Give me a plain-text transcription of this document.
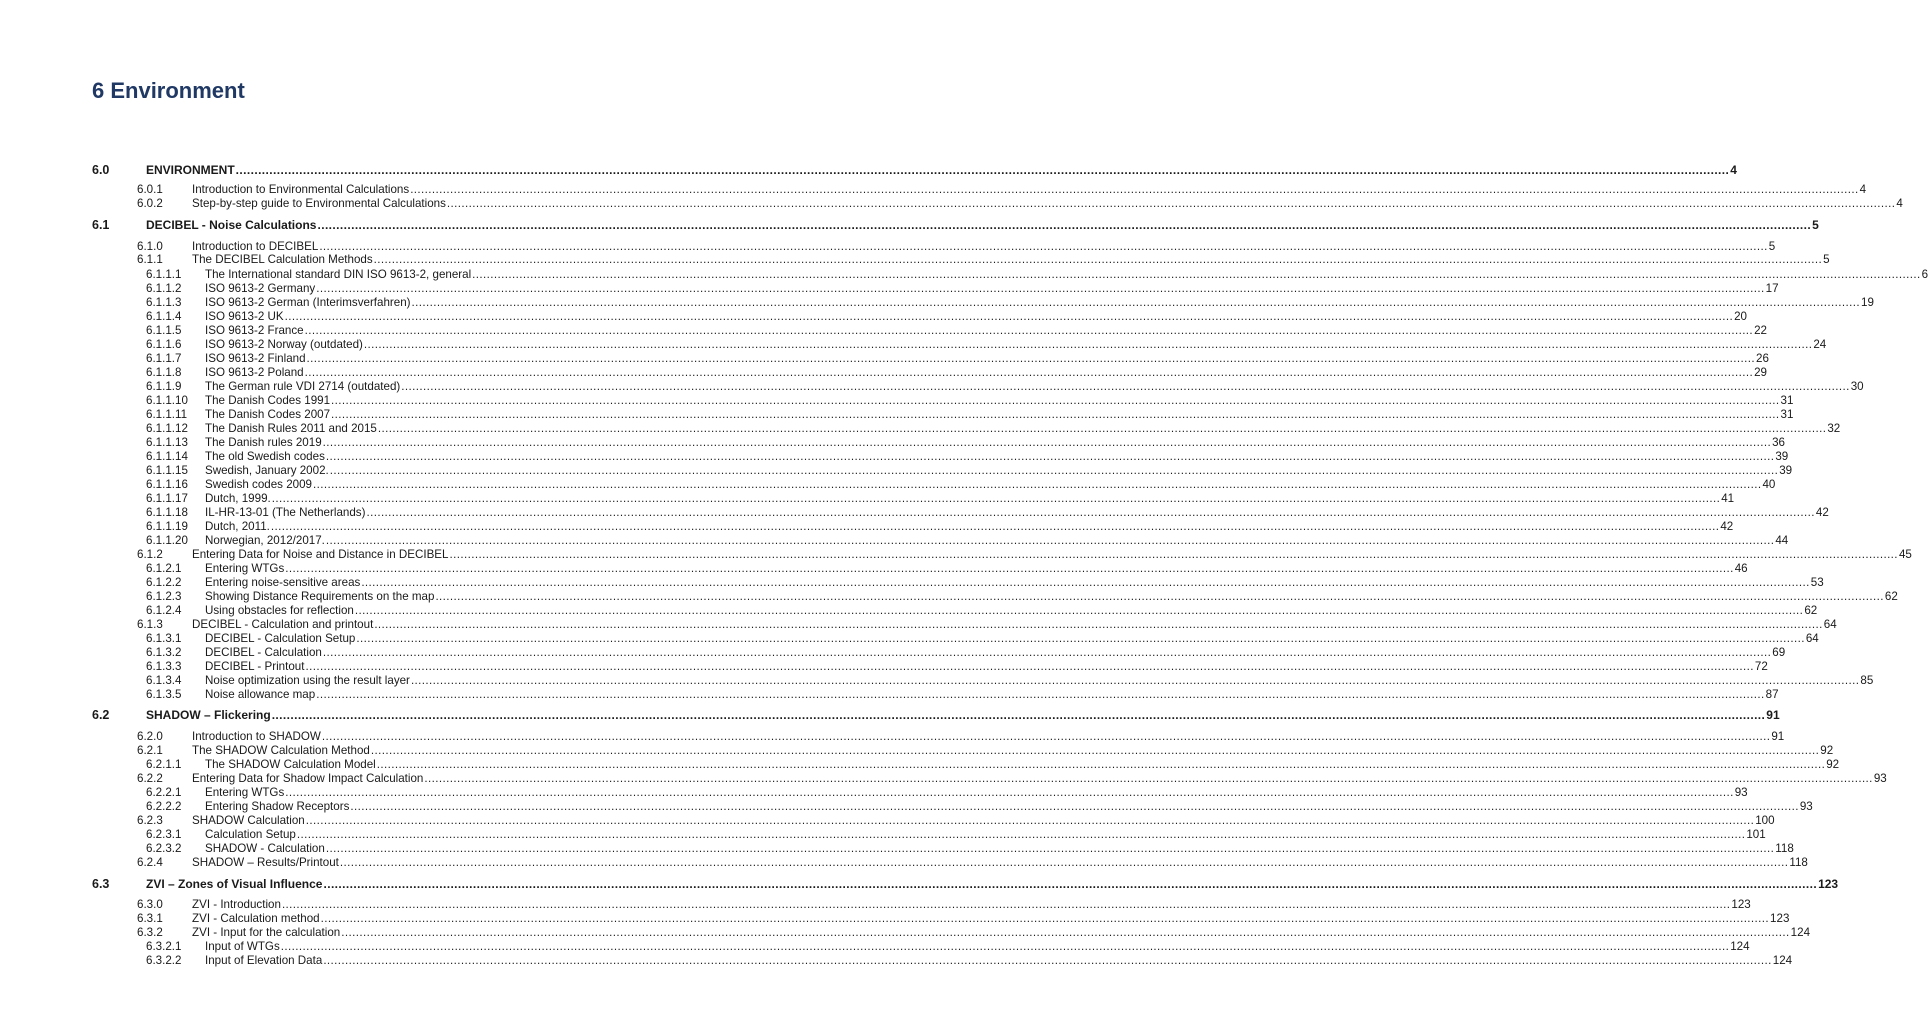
6 Environment
6.0	ENVIRONMENT ................................................................................................................................................................................................................................................................................................................................................................................................................ 4
6.0.1	Introduction to Environmental Calculations ................................................................................................................................................................................................................................................................................................................................................................................................................ 4
6.0.2	Step-by-step guide to Environmental Calculations ................................................................................................................................................................................................................................................................................................................................................................................................................ 4
6.1	DECIBEL - Noise Calculations ................................................................................................................................................................................................................................................................................................................................................................................................................ 5
6.1.0	Introduction to DECIBEL ................................................................................................................................................................................................................................................................................................................................................................................................................ 5
6.1.1	The DECIBEL Calculation Methods ................................................................................................................................................................................................................................................................................................................................................................................................................ 5
6.1.1.1 The International standard DIN ISO 9613-2, general ................................................................................................................................................................................................................................................................................................................................................................................................................ 6
6.1.1.2 ISO 9613-2 Germany ................................................................................................................................................................................................................................................................................................................................................................................................................ 17
6.1.1.3 ISO 9613-2 German (Interimsverfahren) ................................................................................................................................................................................................................................................................................................................................................................................................................ 19
6.1.1.4 ISO 9613-2 UK ................................................................................................................................................................................................................................................................................................................................................................................................................ 20
6.1.1.5 ISO 9613-2 France ................................................................................................................................................................................................................................................................................................................................................................................................................ 22
6.1.1.6 ISO 9613-2 Norway (outdated) ................................................................................................................................................................................................................................................................................................................................................................................................................ 24
6.1.1.7 ISO 9613-2 Finland ................................................................................................................................................................................................................................................................................................................................................................................................................ 26
6.1.1.8 ISO 9613-2 Poland ................................................................................................................................................................................................................................................................................................................................................................................................................ 29
6.1.1.9 The German rule VDI 2714 (outdated) ................................................................................................................................................................................................................................................................................................................................................................................................................ 30
6.1.1.10 The Danish Codes 1991 ................................................................................................................................................................................................................................................................................................................................................................................................................ 31
6.1.1.11 The Danish Codes 2007 ................................................................................................................................................................................................................................................................................................................................................................................................................ 31
6.1.1.12 The Danish Rules 2011 and 2015 ................................................................................................................................................................................................................................................................................................................................................................................................................ 32
6.1.1.13 The Danish rules 2019 ................................................................................................................................................................................................................................................................................................................................................................................................................ 36
6.1.1.14 The old Swedish codes ................................................................................................................................................................................................................................................................................................................................................................................................................ 39
6.1.1.15 Swedish, January 2002. ................................................................................................................................................................................................................................................................................................................................................................................................................ 39
6.1.1.16 Swedish codes 2009 ................................................................................................................................................................................................................................................................................................................................................................................................................ 40
6.1.1.17 Dutch, 1999. ................................................................................................................................................................................................................................................................................................................................................................................................................ 41
6.1.1.18 IL-HR-13-01 (The Netherlands) ................................................................................................................................................................................................................................................................................................................................................................................................................ 42
6.1.1.19 Dutch, 2011. ................................................................................................................................................................................................................................................................................................................................................................................................................ 42
6.1.1.20 Norwegian, 2012/2017. ................................................................................................................................................................................................................................................................................................................................................................................................................ 44
6.1.2	Entering Data for Noise and Distance in DECIBEL ................................................................................................................................................................................................................................................................................................................................................................................................................ 45
6.1.2.1 Entering WTGs ................................................................................................................................................................................................................................................................................................................................................................................................................ 46
6.1.2.2 Entering noise-sensitive areas ................................................................................................................................................................................................................................................................................................................................................................................................................ 53
6.1.2.3 Showing Distance Requirements on the map ................................................................................................................................................................................................................................................................................................................................................................................................................ 62
6.1.2.4 Using obstacles for reflection ................................................................................................................................................................................................................................................................................................................................................................................................................ 62
6.1.3	DECIBEL - Calculation and printout ................................................................................................................................................................................................................................................................................................................................................................................................................ 64
6.1.3.1 DECIBEL - Calculation Setup ................................................................................................................................................................................................................................................................................................................................................................................................................ 64
6.1.3.2 DECIBEL - Calculation ................................................................................................................................................................................................................................................................................................................................................................................................................ 69
6.1.3.3 DECIBEL - Printout ................................................................................................................................................................................................................................................................................................................................................................................................................ 72
6.1.3.4 Noise optimization using the result layer ................................................................................................................................................................................................................................................................................................................................................................................................................ 85
6.1.3.5 Noise allowance map ................................................................................................................................................................................................................................................................................................................................................................................................................ 87
6.2	SHADOW – Flickering ................................................................................................................................................................................................................................................................................................................................................................................................................ 91
6.2.0	Introduction to SHADOW ................................................................................................................................................................................................................................................................................................................................................................................................................ 91
6.2.1	The SHADOW Calculation Method ................................................................................................................................................................................................................................................................................................................................................................................................................ 92
6.2.1.1 The SHADOW Calculation Model ................................................................................................................................................................................................................................................................................................................................................................................................................ 92
6.2.2	Entering Data for Shadow Impact Calculation ................................................................................................................................................................................................................................................................................................................................................................................................................ 93
6.2.2.1 Entering WTGs ................................................................................................................................................................................................................................................................................................................................................................................................................ 93
6.2.2.2 Entering Shadow Receptors ................................................................................................................................................................................................................................................................................................................................................................................................................ 93
6.2.3	SHADOW Calculation ................................................................................................................................................................................................................................................................................................................................................................................................................ 100
6.2.3.1 Calculation Setup ................................................................................................................................................................................................................................................................................................................................................................................................................ 101
6.2.3.2 SHADOW - Calculation ................................................................................................................................................................................................................................................................................................................................................................................................................ 118
6.2.4	SHADOW – Results/Printout ................................................................................................................................................................................................................................................................................................................................................................................................................ 118
6.3	ZVI – Zones of Visual Influence ................................................................................................................................................................................................................................................................................................................................................................................................................ 123
6.3.0	ZVI - Introduction ................................................................................................................................................................................................................................................................................................................................................................................................................ 123
6.3.1	ZVI - Calculation method ................................................................................................................................................................................................................................................................................................................................................................................................................ 123
6.3.2	ZVI - Input for the calculation ................................................................................................................................................................................................................................................................................................................................................................................................................ 124
6.3.2.1 Input of WTGs ................................................................................................................................................................................................................................................................................................................................................................................................................ 124
6.3.2.2 Input of Elevation Data ................................................................................................................................................................................................................................................................................................................................................................................................................ 124
